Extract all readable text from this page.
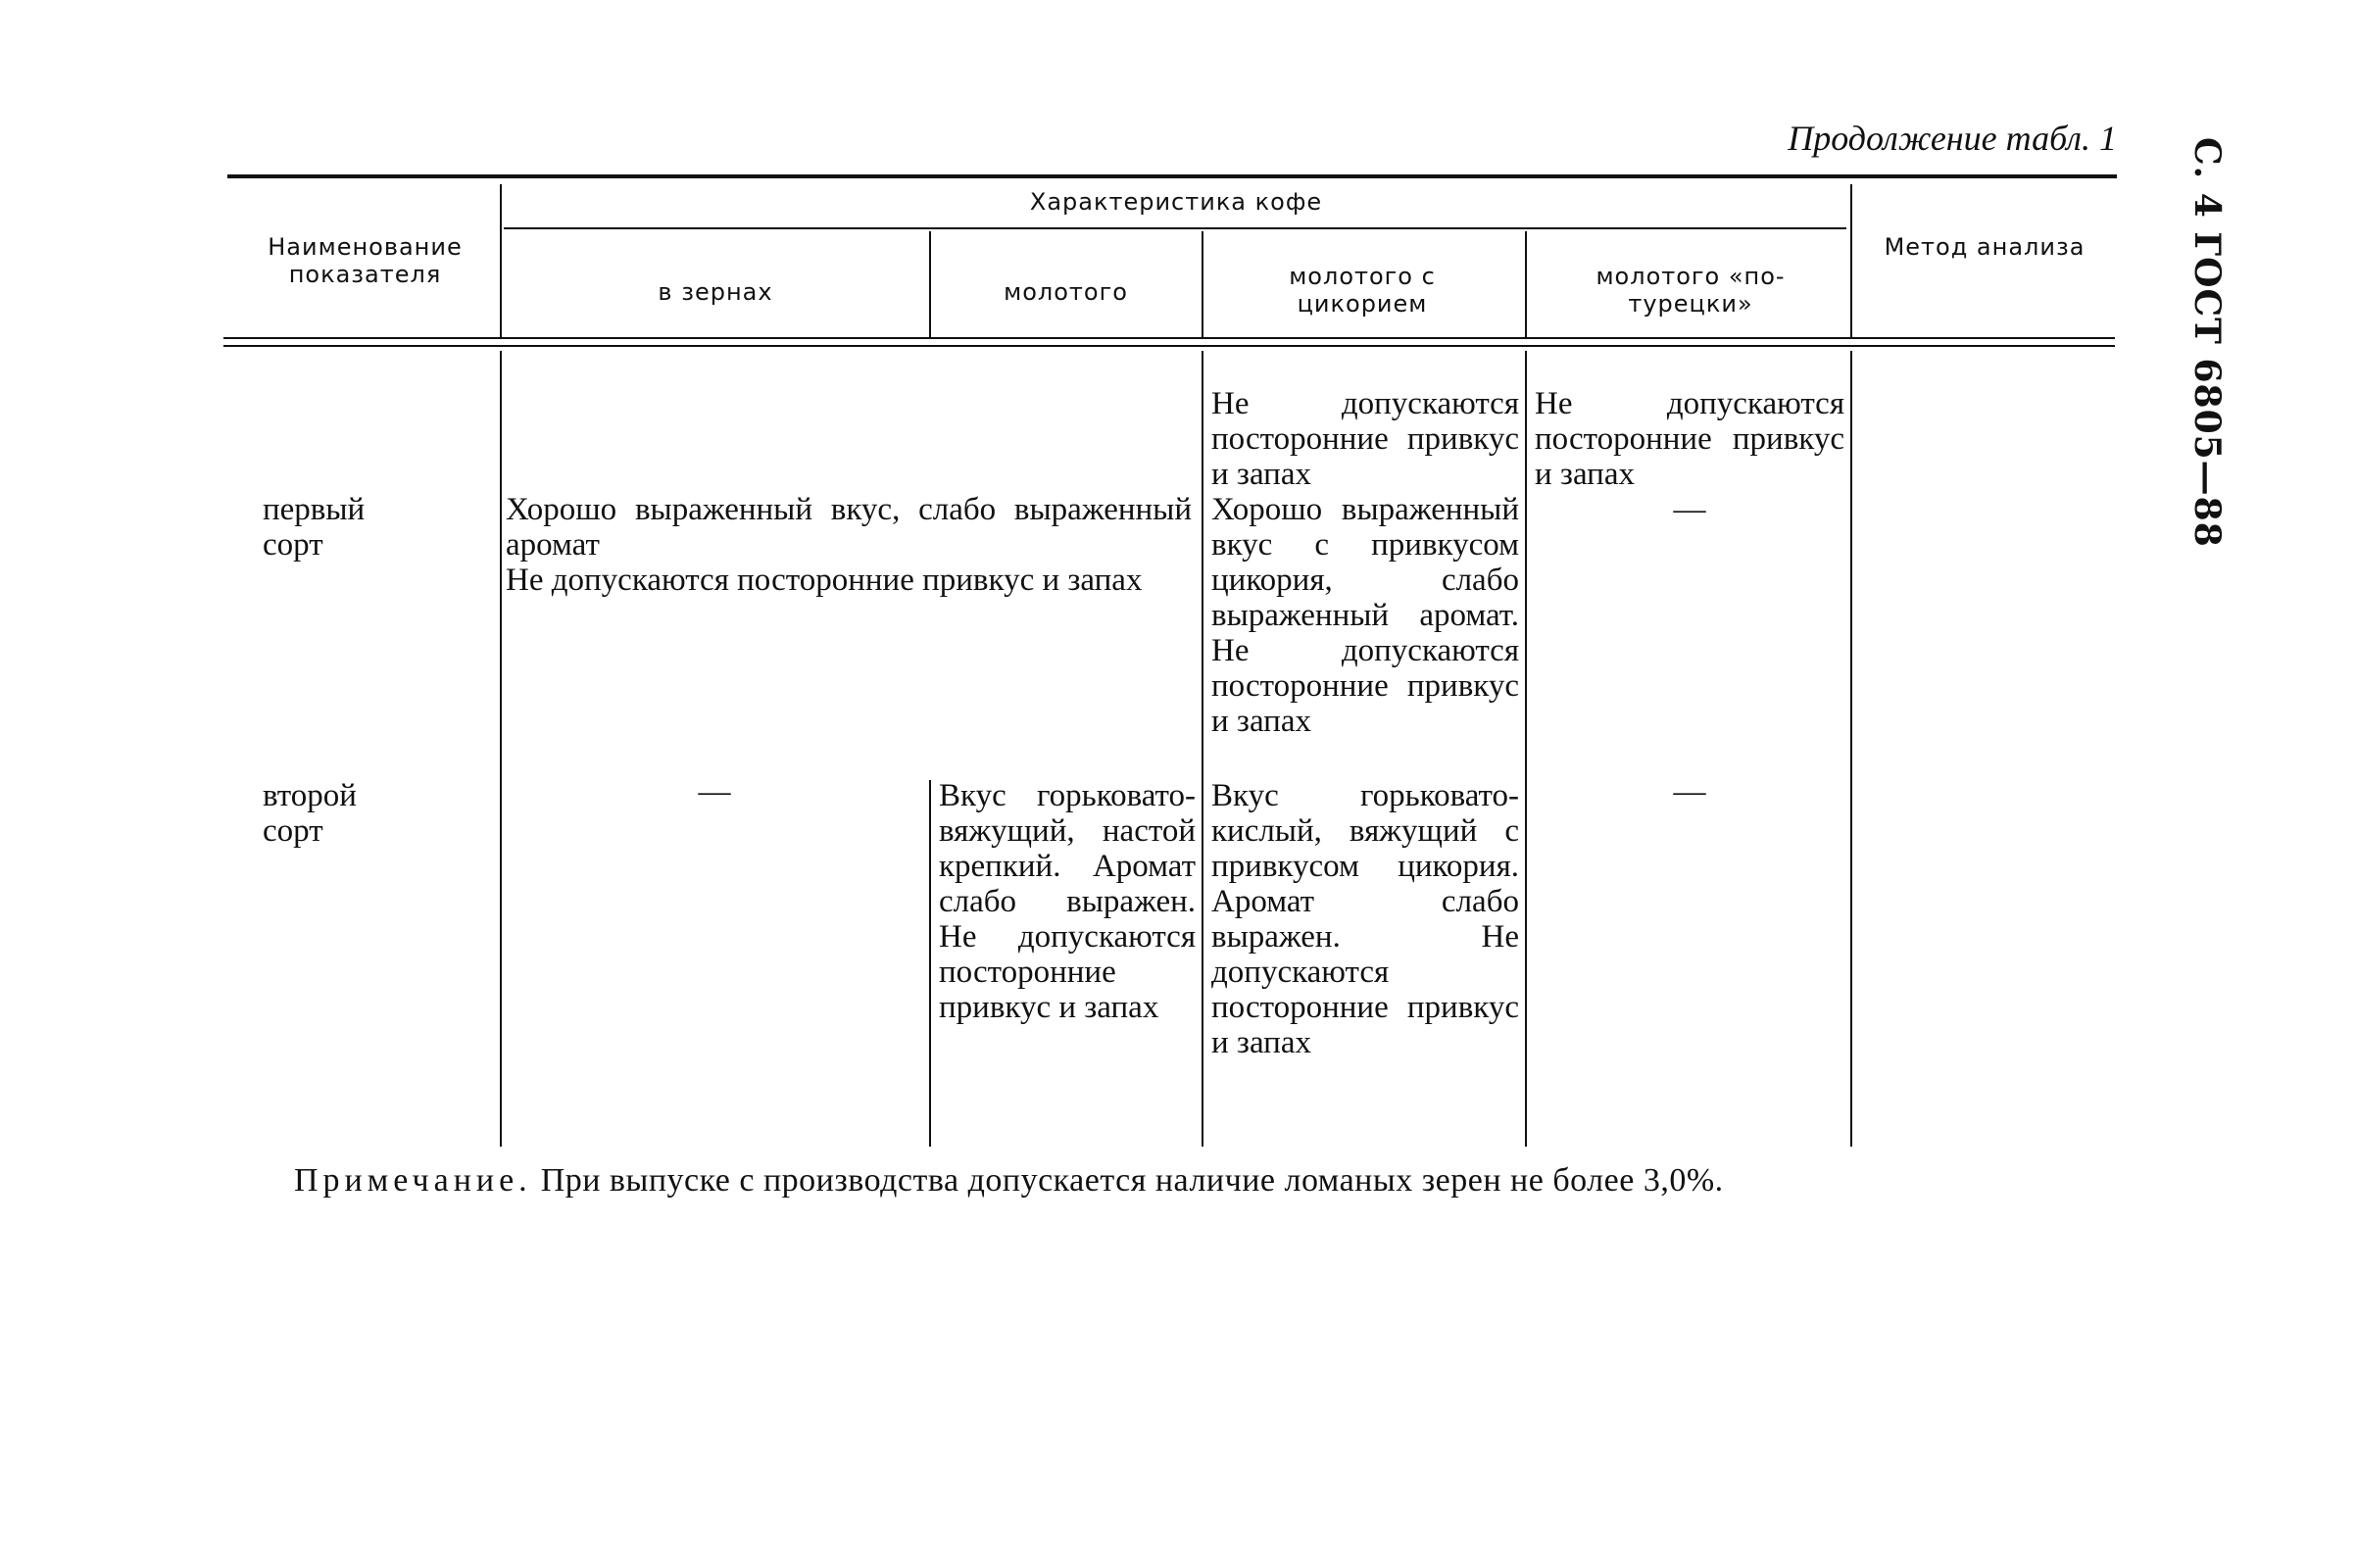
Продолжение табл. 1 С. 4 ГОСТ 6805—88
Наименование показателя
Характеристика кофе
в зернах	молотого
молотого с цикорием
молотого «по-турецки»
Метод анализа
первый сорт
Не допускаются посторонние привкус и запах
Не допускаются посторонние привкус и запах
Хорошо выраженный вкус, слабо выраженный аромат
Не допускаются посторонние привкус и запах
Хорошо выраженный вкус с привкусом цикория, слабо выраженный аромат. Не допускаются посторонние привкус и запах
—
второй сорт
—	Вкус горьковато-вяжущий, настой крепкий. Аромат слабо выражен. Не допускаются посторонние привкус и запах
Вкус горьковато-кислый, вяжущий с привкусом цикория. Аромат слабо выражен. Не допускаются посторонние привкус и запах
—
Примечание. При выпуске с производства допускается наличие ломаных зерен не более 3,0%.
